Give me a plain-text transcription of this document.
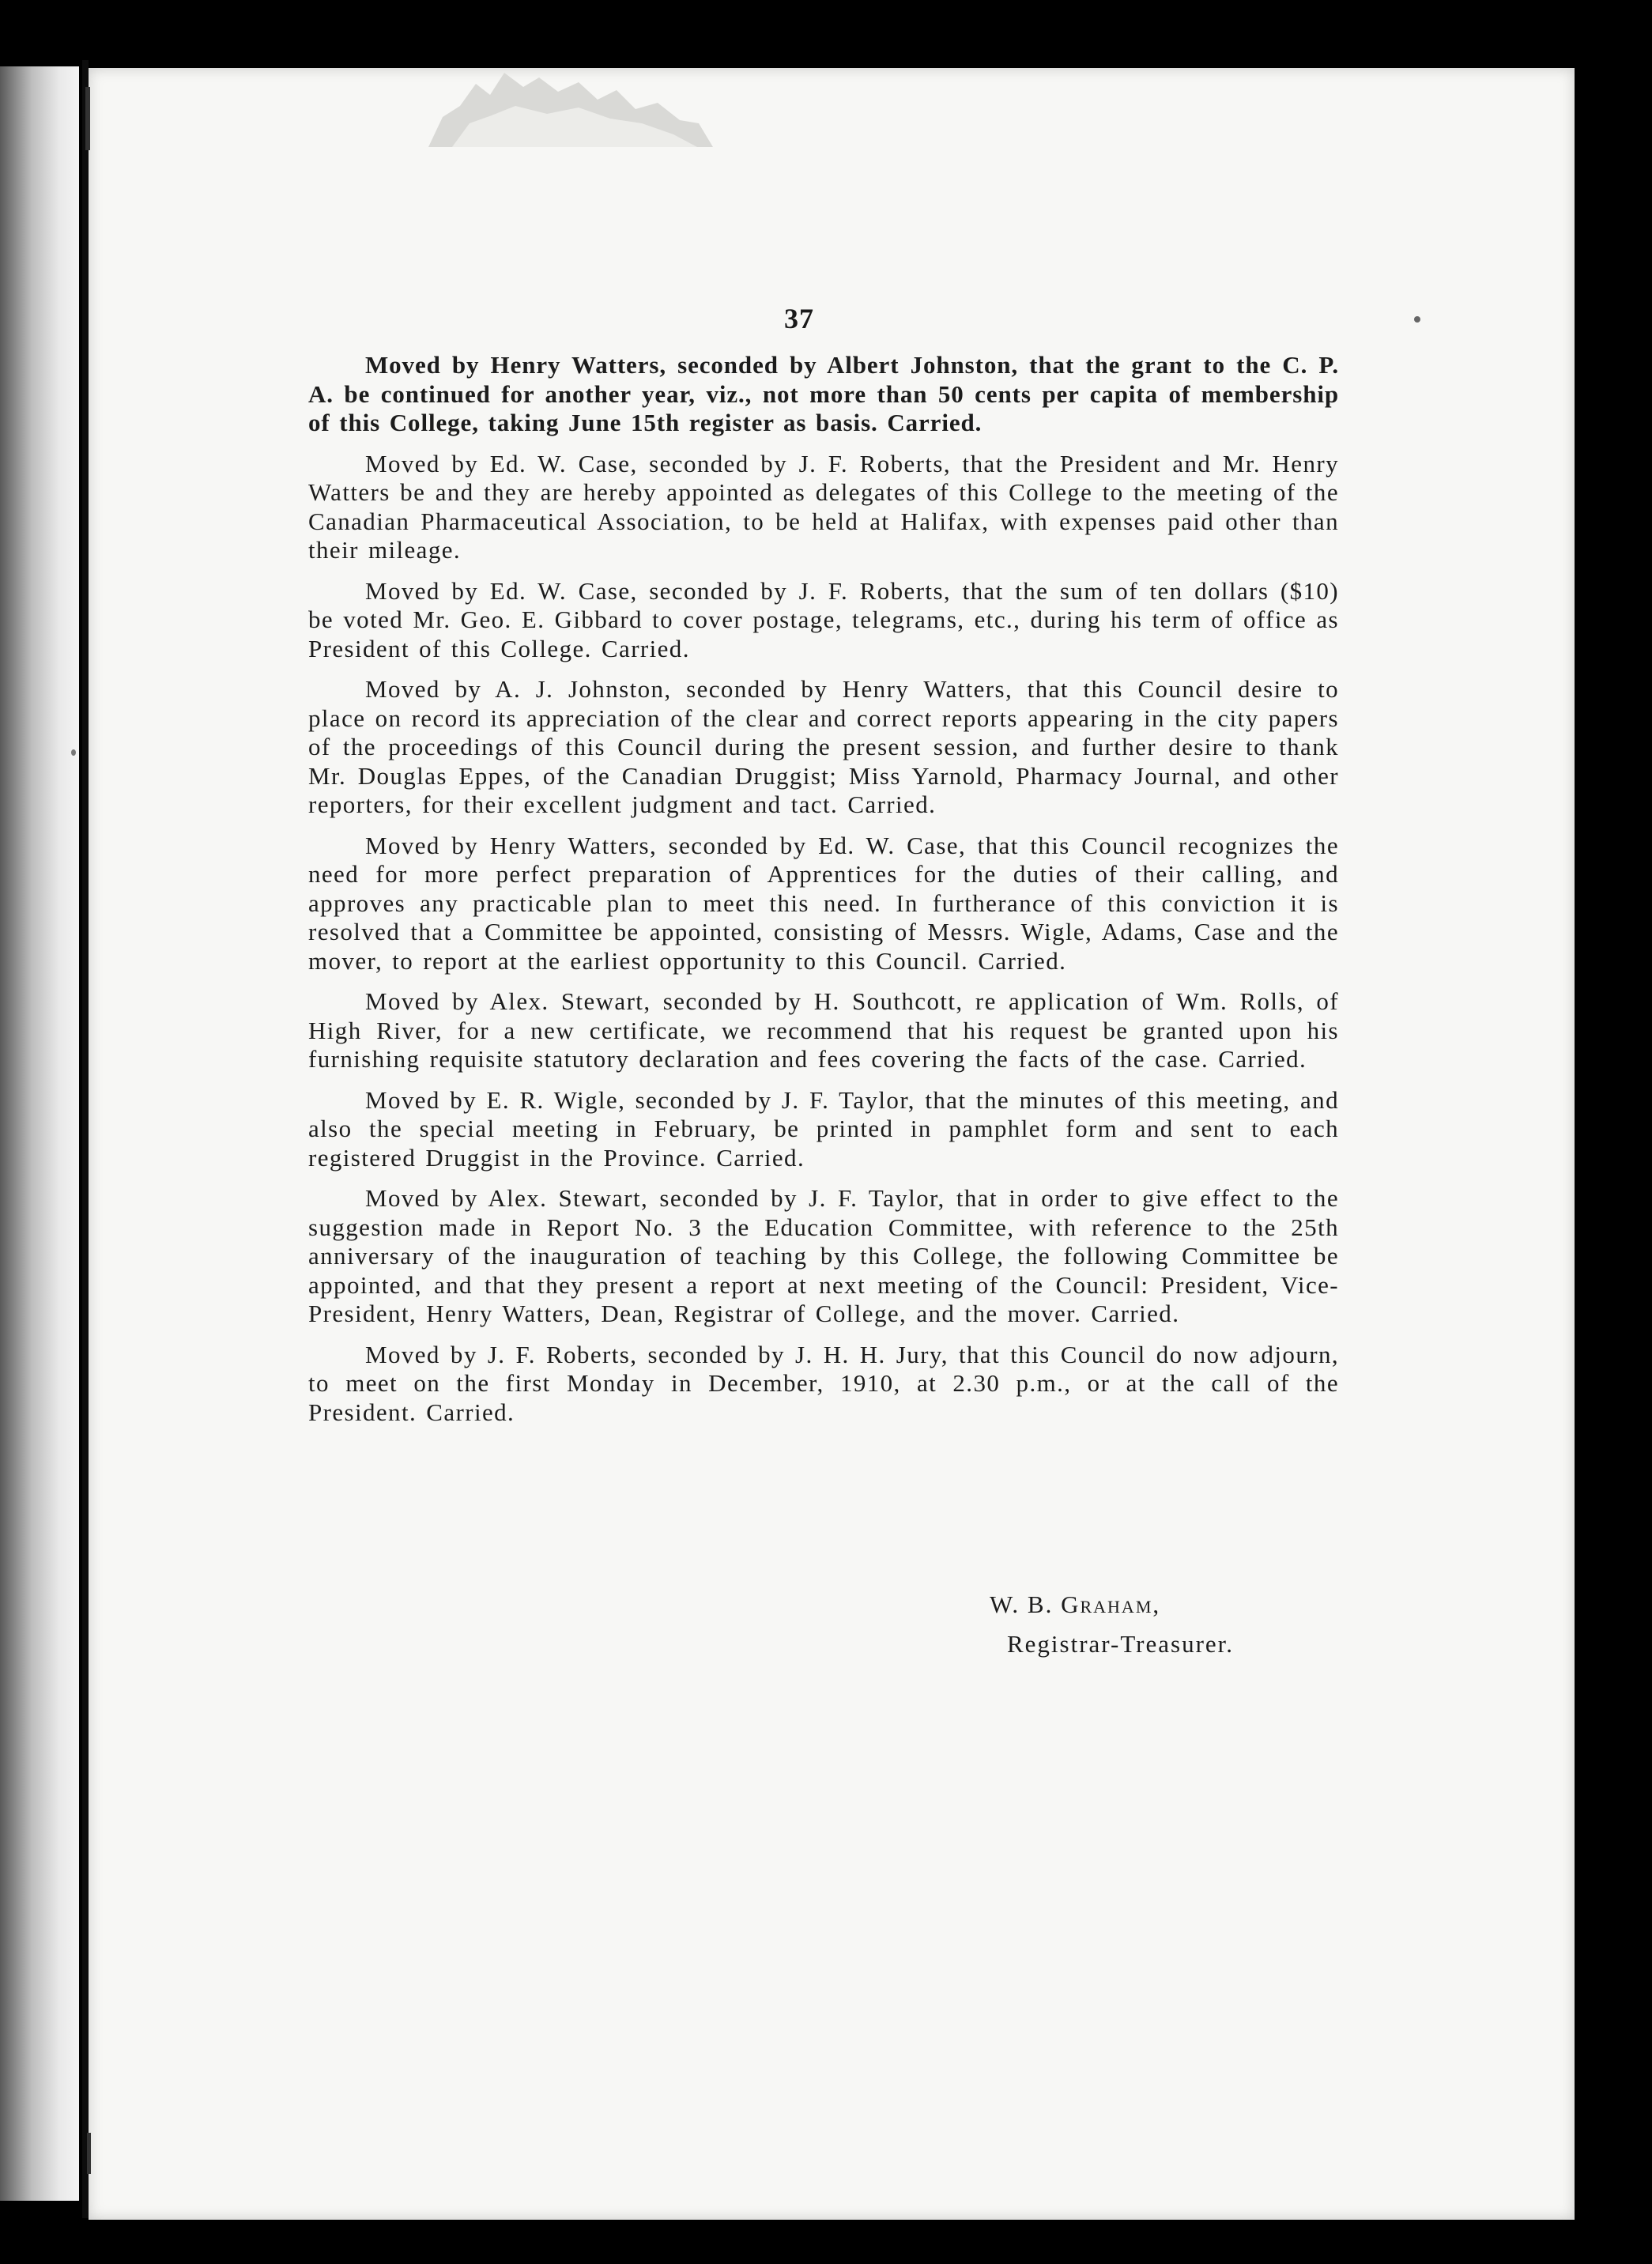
37

Moved by Henry Watters, seconded by Albert Johnston, that the grant to the C. P. A. be continued for another year, viz., not more than 50 cents per capita of membership of this College, taking June 15th register as basis. Carried.

Moved by Ed. W. Case, seconded by J. F. Roberts, that the President and Mr. Henry Watters be and they are hereby appointed as delegates of this College to the meeting of the Canadian Pharmaceutical Association, to be held at Halifax, with expenses paid other than their mileage.

Moved by Ed. W. Case, seconded by J. F. Roberts, that the sum of ten dollars ($10) be voted Mr. Geo. E. Gibbard to cover postage, telegrams, etc., during his term of office as President of this College. Carried.

Moved by A. J. Johnston, seconded by Henry Watters, that this Council desire to place on record its appreciation of the clear and correct reports appearing in the city papers of the proceedings of this Council during the present session, and further desire to thank Mr. Douglas Eppes, of the Canadian Druggist; Miss Yarnold, Pharmacy Journal, and other reporters, for their excellent judgment and tact. Carried.

Moved by Henry Watters, seconded by Ed. W. Case, that this Council recognizes the need for more perfect preparation of Apprentices for the duties of their calling, and approves any practicable plan to meet this need. In furtherance of this conviction it is resolved that a Committee be appointed, consisting of Messrs. Wigle, Adams, Case and the mover, to report at the earliest opportunity to this Council. Carried.

Moved by Alex. Stewart, seconded by H. Southcott, re application of Wm. Rolls, of High River, for a new certificate, we recommend that his request be granted upon his furnishing requisite statutory declaration and fees covering the facts of the case. Carried.

Moved by E. R. Wigle, seconded by J. F. Taylor, that the minutes of this meeting, and also the special meeting in February, be printed in pamphlet form and sent to each registered Druggist in the Province. Carried.

Moved by Alex. Stewart, seconded by J. F. Taylor, that in order to give effect to the suggestion made in Report No. 3 the Education Committee, with reference to the 25th anniversary of the inauguration of teaching by this College, the following Committee be appointed, and that they present a report at next meeting of the Council: President, Vice-President, Henry Watters, Dean, Registrar of College, and the mover. Carried.

Moved by J. F. Roberts, seconded by J. H. H. Jury, that this Council do now adjourn, to meet on the first Monday in December, 1910, at 2.30 p.m., or at the call of the President. Carried.

W. B. Graham,
Registrar-Treasurer.
